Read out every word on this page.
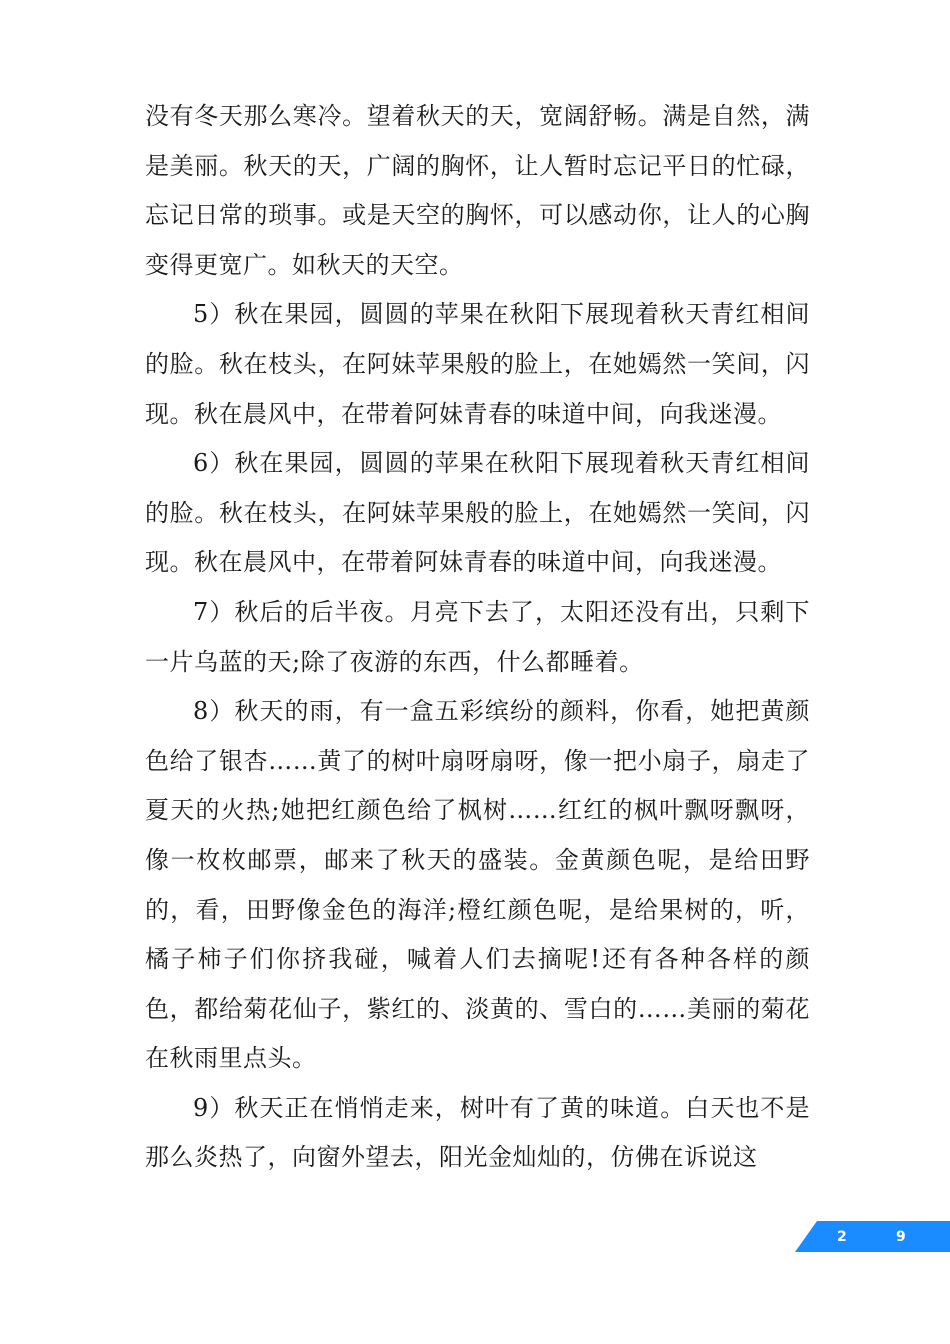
没有冬天那么寒冷。望着秋天的天，宽阔舒畅。满是自然，满是美丽。秋天的天，广阔的胸怀，让人暂时忘记平日的忙碌，忘记日常的琐事。或是天空的胸怀，可以感动你，让人的心胸变得更宽广。如秋天的天空。

5）秋在果园，圆圆的苹果在秋阳下展现着秋天青红相间的脸。秋在枝头，在阿妹苹果般的脸上，在她嫣然一笑间，闪现。秋在晨风中，在带着阿妹青春的味道中间，向我迷漫。

6）秋在果园，圆圆的苹果在秋阳下展现着秋天青红相间的脸。秋在枝头，在阿妹苹果般的脸上，在她嫣然一笑间，闪现。秋在晨风中，在带着阿妹青春的味道中间，向我迷漫。

7）秋后的后半夜。月亮下去了，太阳还没有出，只剩下一片乌蓝的天;除了夜游的东西，什么都睡着。

8）秋天的雨，有一盒五彩缤纷的颜料，你看，她把黄颜色给了银杏……黄了的树叶扇呀扇呀，像一把小扇子，扇走了夏天的火热;她把红颜色给了枫树……红红的枫叶飘呀飘呀，像一枚枚邮票，邮来了秋天的盛装。金黄颜色呢，是给田野的，看，田野像金色的海洋;橙红颜色呢，是给果树的，听，橘子柿子们你挤我碰，喊着人们去摘呢!还有各种各样的颜色，都给菊花仙子，紫红的、淡黄的、雪白的……美丽的菊花在秋雨里点头。

9）秋天正在悄悄走来，树叶有了黄的味道。白天也不是那么炎热了，向窗外望去，阳光金灿灿的，仿佛在诉说这

2	9
